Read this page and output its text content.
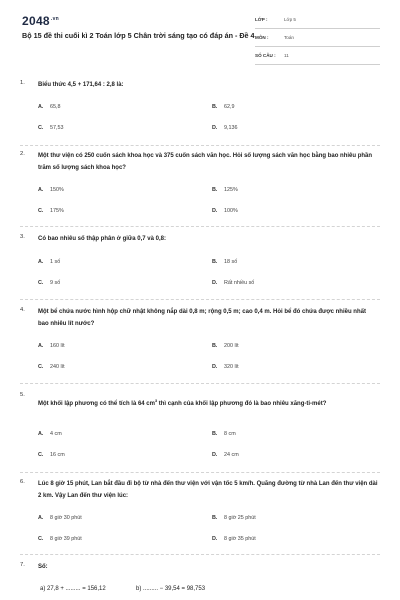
$2048^{.vn}$
Bộ 15 đề thi cuối kì 2 Toán lớp 5 Chân trời sáng tạo có đáp án - Đề 4
LỚP :	Lớp 5
MÔN :	Toán
SỐ CÂU : 11
1. Biểu thức 4,5 + 171,64 : 2,8 là:
A. 65,8	B. 62,9
C. 57,53	D. 9,136
2. Một thư viện có 250 cuốn sách khoa học và 375 cuốn sách văn học. Hỏi số lượng sách văn học bằng bao nhiêu phần trăm số lượng sách khoa học?
A. 150%	B. 125%
C. 175%	D. 100%
3. Có bao nhiêu số thập phân ở giữa 0,7 và 0,8:
A. 1 số	B. 18 số
C. 9 số	D. Rất nhiều số
4. Một bể chứa nước hình hộp chữ nhật không nắp dài 0,8 m; rộng 0,5 m; cao 0,4 m. Hỏi bể đó chứa được nhiều nhất bao nhiêu lít nước?
A. 160 lít	B. 200 lít
C. 240 lít	D. 320 lít
5.
Một khối lập phương có thể tích là 64 $cm^3$ thì cạnh của khối lập phương đó là bao nhiêu xăng-ti-mét?
A. 4 cm	B. 8 cm
C. 16 cm	D. 24 cm
6. Lúc 8 giờ 15 phút, Lan bắt đầu đi bộ từ nhà đến thư viện với vận tốc 5 km/h. Quãng đường từ nhà Lan đến thư viện dài 2 km. Vậy Lan đến thư viện lúc:
A. 8 giờ 30 phút	B. 8 giờ 25 phút
C. 8 giờ 39 phút	D. 8 giờ 35 phút
7. Số:
a) 27,8 + ......... = 156,12	b) ......... − 39,54 = 98,753
